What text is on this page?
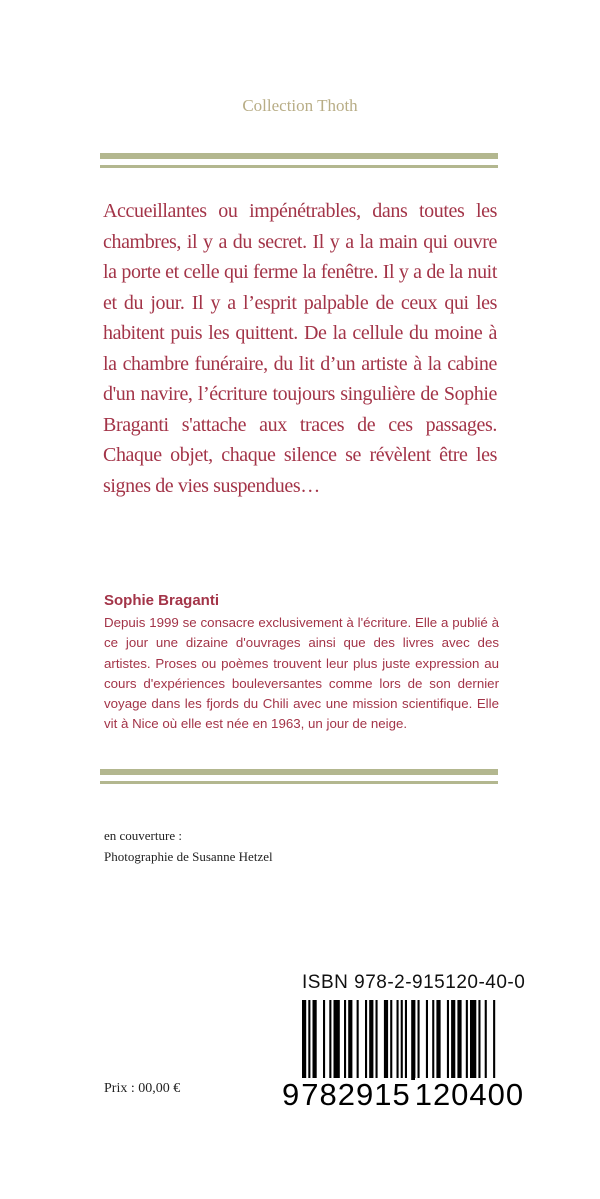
Collection Thoth

Accueillantes ou impénétrables, dans toutes les chambres, il y a du secret. Il y a la main qui ouvre la porte et celle qui ferme la fenêtre. Il y a de la nuit et du jour. Il y a l’esprit palpable de ceux qui les habitent puis les quittent. De la cellule du moine à la chambre funéraire, du lit d’un artiste à la cabine d'un navire, l’écriture toujours singulière de Sophie Braganti s'attache aux traces de ces passages. Chaque objet, chaque silence se révèlent être les signes de vies suspendues…

Sophie Braganti

Depuis 1999 se consacre exclusivement à l'écriture. Elle a publié à ce jour une dizaine d'ouvrages ainsi que des livres avec des artistes. Proses ou poèmes trouvent leur plus juste expression au cours d'expériences bouleversantes comme lors de son dernier voyage dans les fjords du Chili avec une mission scientifique. Elle vit à Nice où elle est née en 1963, un jour de neige.

en couverture :
Photographie de Susanne Hetzel
ISBN 978-2-915120-40-0
9 782915 120400
Prix : 00,00 €
